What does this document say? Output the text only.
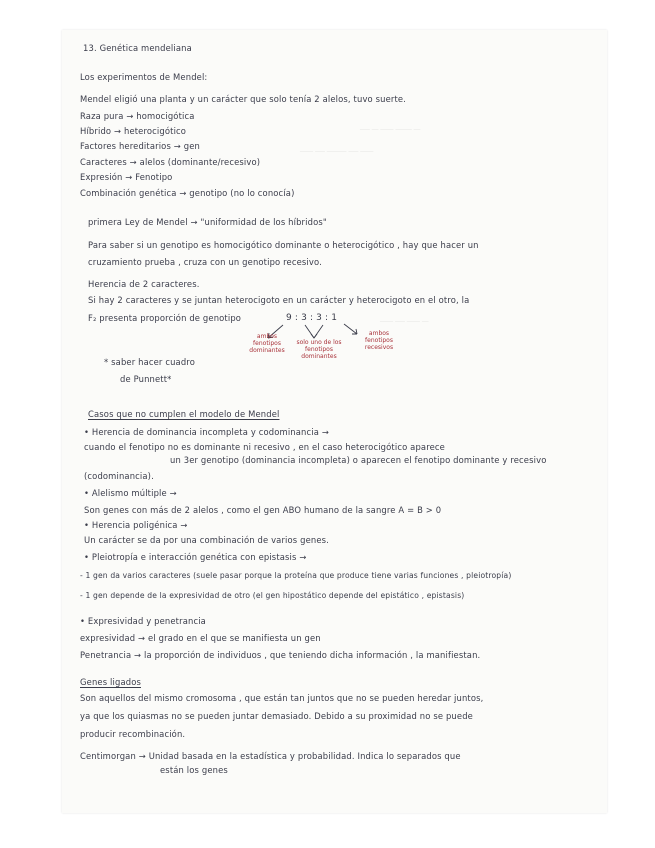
‾‾‾ ‾‾ ‾‾‾‾ ‾‾‾‾‾ ‾‾
‾‾‾‾ ‾‾‾ ‾‾‾‾‾‾ ‾‾‾ ‾‾‾‾
‾‾‾‾ ‾‾‾ ‾‾‾‾ ‾‾
13. Genética mendeliana
Los experimentos de Mendel:
Mendel eligió una planta y un carácter que solo tenía 2 alelos, tuvo suerte.
Raza pura → homocigótica
Híbrido → heterocigótico
Factores hereditarios → gen
Caracteres → alelos (dominante/recesivo)
Expresión → Fenotipo
Combinación genética → genotipo (no lo conocía)
primera Ley de Mendel → "uniformidad de los híbridos"
Para saber si un genotipo es homocigótico dominante o heterocigótico , hay que hacer un
cruzamiento prueba , cruza con un genotipo recesivo.
Herencia de 2 caracteres.
Si hay 2 caracteres y se juntan heterocigoto en un carácter y heterocigoto en el otro, la
F₂ presenta proporción de genotipo	9 : 3 : 3 : 1
ambos fenotipos dominantes
solo uno de los fenotipos dominantes
ambos fenotipos recesivos
* saber hacer cuadro
de Punnett*
Casos que no cumplen el modelo de Mendel
• Herencia de dominancia incompleta y codominancia →
cuando el fenotipo no es dominante ni recesivo , en el caso heterocigótico aparece
un 3er genotipo (dominancia incompleta) o aparecen el fenotipo dominante y recesivo
(codominancia).
• Alelismo múltiple →
Son genes con más de 2 alelos , como el gen ABO humano de la sangre A = B > 0
• Herencia poligénica →
Un carácter se da por una combinación de varios genes.
• Pleiotropía e interacción genética con epistasis →
- 1 gen da varios caracteres (suele pasar porque la proteína que produce tiene varias funciones , pleiotropía)
- 1 gen depende de la expresividad de otro (el gen hipostático depende del epistático , epistasis)
• Expresividad y penetrancia
expresividad → el grado en el que se manifiesta un gen
Penetrancia → la proporción de individuos , que teniendo dicha información , la manifiestan.
Genes ligados
Son aquellos del mismo cromosoma , que están tan juntos que no se pueden heredar juntos,
ya que los quiasmas no se pueden juntar demasiado. Debido a su proximidad no se puede
producir recombinación.
Centimorgan → Unidad basada en la estadística y probabilidad. Indica lo separados que
están los genes
